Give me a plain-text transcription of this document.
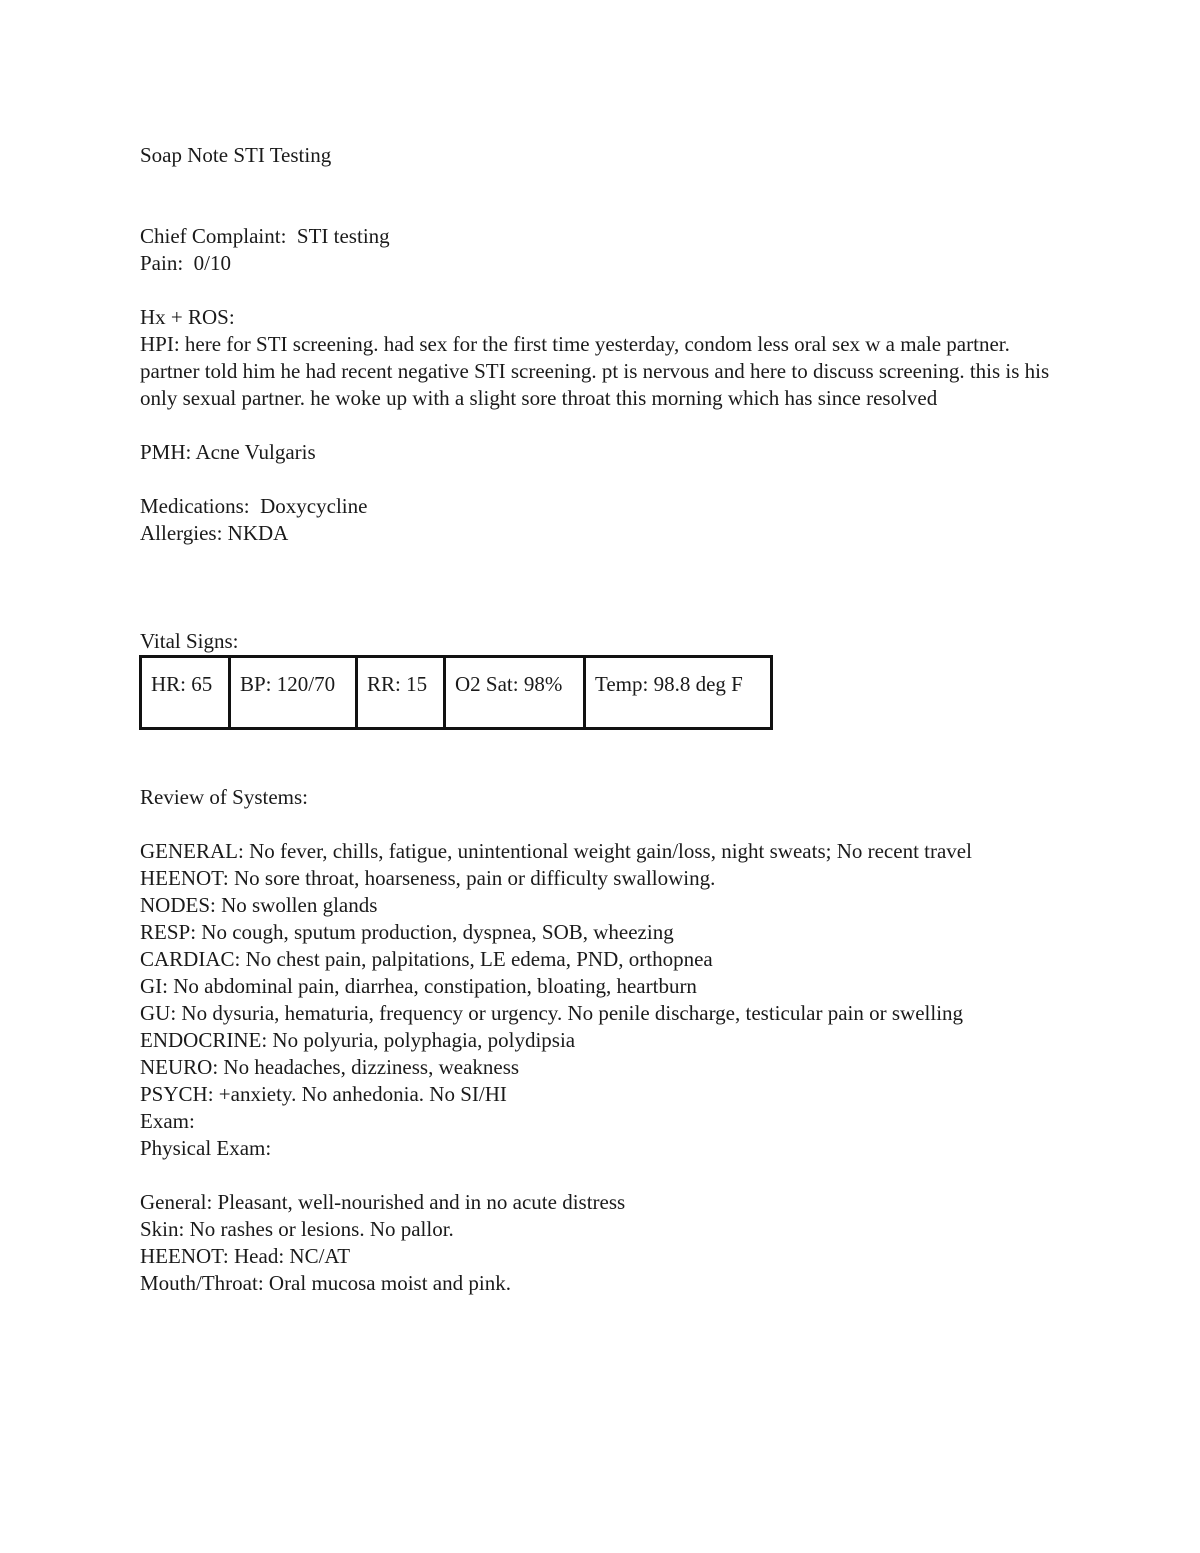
Soap Note STI Testing

Chief Complaint:  STI testing

Pain:  0/10

Hx + ROS:

HPI: here for STI screening. had sex for the first time yesterday, condom less oral sex w a male partner. partner told him he had recent negative STI screening. pt is nervous and here to discuss screening. this is his only sexual partner. he woke up with a slight sore throat this morning which has since resolved

PMH: Acne Vulgaris

Medications:  Doxycycline

Allergies: NKDA

Vital Signs:

HR: 65	BP: 120/70	RR: 15	O2 Sat: 98%	Temp: 98.8 deg F

Review of Systems:

GENERAL: No fever, chills, fatigue, unintentional weight gain/loss, night sweats; No recent travel

HEENOT: No sore throat, hoarseness, pain or difficulty swallowing.

NODES: No swollen glands

RESP: No cough, sputum production, dyspnea, SOB, wheezing

CARDIAC: No chest pain, palpitations, LE edema, PND, orthopnea

GI: No abdominal pain, diarrhea, constipation, bloating, heartburn

GU: No dysuria, hematuria, frequency or urgency. No penile discharge, testicular pain or swelling

ENDOCRINE: No polyuria, polyphagia, polydipsia

NEURO: No headaches, dizziness, weakness

PSYCH: +anxiety. No anhedonia. No SI/HI

Exam:

Physical Exam:

General: Pleasant, well-nourished and in no acute distress

Skin: No rashes or lesions. No pallor.

HEENOT: Head: NC/AT

Mouth/Throat: Oral mucosa moist and pink.
